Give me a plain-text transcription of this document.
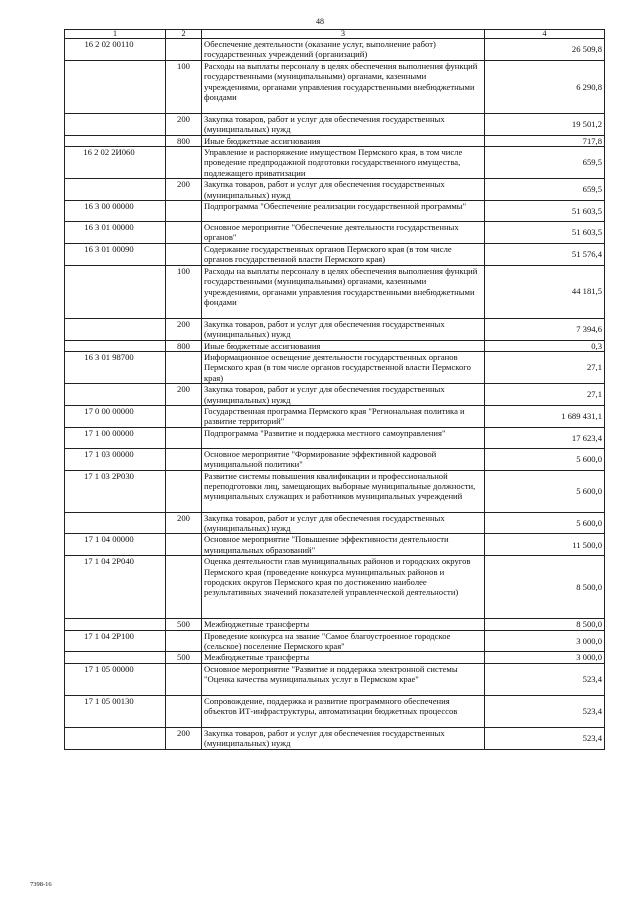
48
1	2	3	4
16 2 02 00110		Обеспечение деятельности (оказание услуг, выполнение работ) государственных учреждений (организаций)	26 509,8
	100	Расходы на выплаты персоналу в целях обеспечения выполнения функций государственными (муниципальными) органами, казенными учреждениями, органами управления государственными внебюджетными фондами	6 290,8
	200	Закупка товаров, работ и услуг для обеспечения государственных (муниципальных) нужд	19 501,2
	800	Иные бюджетные ассигнования	717,8
16 2 02 2И060		Управление и распоряжение имуществом Пермского края, в том числе проведение предпродажной подготовки государственного имущества, подлежащего приватизации	659,5
	200	Закупка товаров, работ и услуг для обеспечения государственных (муниципальных) нужд	659,5
16 3 00 00000		Подпрограмма "Обеспечение реализации государственной программы"	51 603,5
16 3 01 00000		Основное мероприятие "Обеспечение деятельности государственных органов"	51 603,5
16 3 01 00090		Содержание государственных органов Пермского края (в том числе органов государственной власти Пермского края)	51 576,4
	100	Расходы на выплаты персоналу в целях обеспечения выполнения функций государственными (муниципальными) органами, казенными учреждениями, органами управления государственными внебюджетными фондами	44 181,5
	200	Закупка товаров, работ и услуг для обеспечения государственных (муниципальных) нужд	7 394,6
	800	Иные бюджетные ассигнования	0,3
16 3 01 98700		Информационное освещение деятельности государственных органов Пермского края (в том числе органов государственной власти Пермского края)	27,1
	200	Закупка товаров, работ и услуг для обеспечения государственных (муниципальных) нужд	27,1
17 0 00 00000		Государственная программа Пермского края "Региональная политика и развитие территорий"	1 689 431,1
17 1 00 00000		Подпрограмма "Развитие и поддержка местного самоуправления"	17 623,4
17 1 03 00000		Основное мероприятие "Формирование эффективной кадровой муниципальной политики"	5 600,0
17 1 03 2Р030		Развитие системы повышения квалификации и профессиональной переподготовки лиц, замещающих выборные муниципальные должности, муниципальных служащих и работников муниципальных учреждений	5 600,0
	200	Закупка товаров, работ и услуг для обеспечения государственных (муниципальных) нужд	5 600,0
17 1 04 00000		Основное мероприятие "Повышение эффективности деятельности муниципальных образований"	11 500,0
17 1 04 2Р040		Оценка деятельности глав муниципальных районов и городских округов Пермского края (проведение конкурса муниципальных районов и городских округов Пермского края по достижению наиболее результативных значений показателей управленческой деятельности)	8 500,0
	500	Межбюджетные трансферты	8 500,0
17 1 04 2Р100		Проведение конкурса на звание "Самое благоустроенное городское (сельское) поселение Пермского края"	3 000,0
	500	Межбюджетные трансферты	3 000,0
17 1 05 00000		Основное мероприятие "Развитие и поддержка электронной системы "Оценка качества муниципальных услуг в Пермском крае"	523,4
17 1 05 00130		Сопровождение, поддержка и развитие программного обеспечения объектов ИТ-инфраструктуры, автоматизации бюджетных процессов	523,4
	200	Закупка товаров, работ и услуг для обеспечения государственных (муниципальных) нужд	523,4
7398-16
